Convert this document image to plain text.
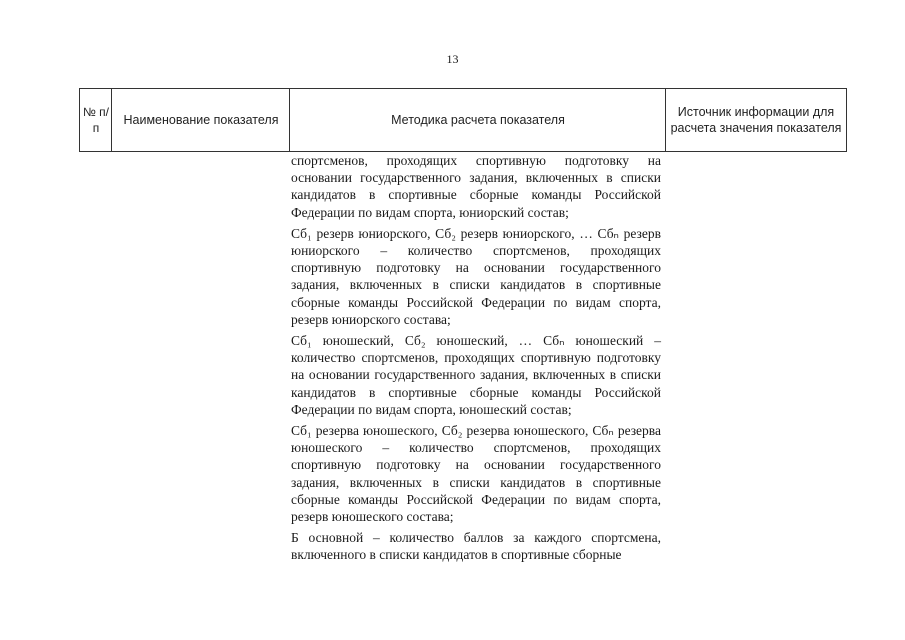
13
№ п/п
Наименование показателя	Методика расчета показателя
Источник информации для расчета значения показателя

спортсменов, проходящих спортивную подготовку на основании государственного задания, включенных в списки кандидатов в спортивные сборные команды Российской Федерации по видам спорта, юниорский состав;

Сб₁ резерв юниорского, Сб₂ резерв юниорского, … Сбₙ резерв юниорского – количество спортсменов, проходящих спортивную подготовку на основании государственного задания, включенных в списки кандидатов в спортивные сборные команды Российской Федерации по видам спорта, резерв юниорского состава;

Сб₁ юношеский, Сб₂ юношеский, … Сбₙ юношеский – количество спортсменов, проходящих спортивную подготовку на основании государственного задания, включенных в списки кандидатов в спортивные сборные команды Российской Федерации по видам спорта, юношеский состав;

Сб₁ резерва юношеского, Сб₂ резерва юношеского, Сбₙ резерва юношеского – количество спортсменов, проходящих спортивную подготовку на основании государственного задания, включенных в списки кандидатов в спортивные сборные команды Российской Федерации по видам спорта, резерв юношеского состава;

Б основной – количество баллов за каждого спортсмена, включенного в списки кандидатов в спортивные сборные
